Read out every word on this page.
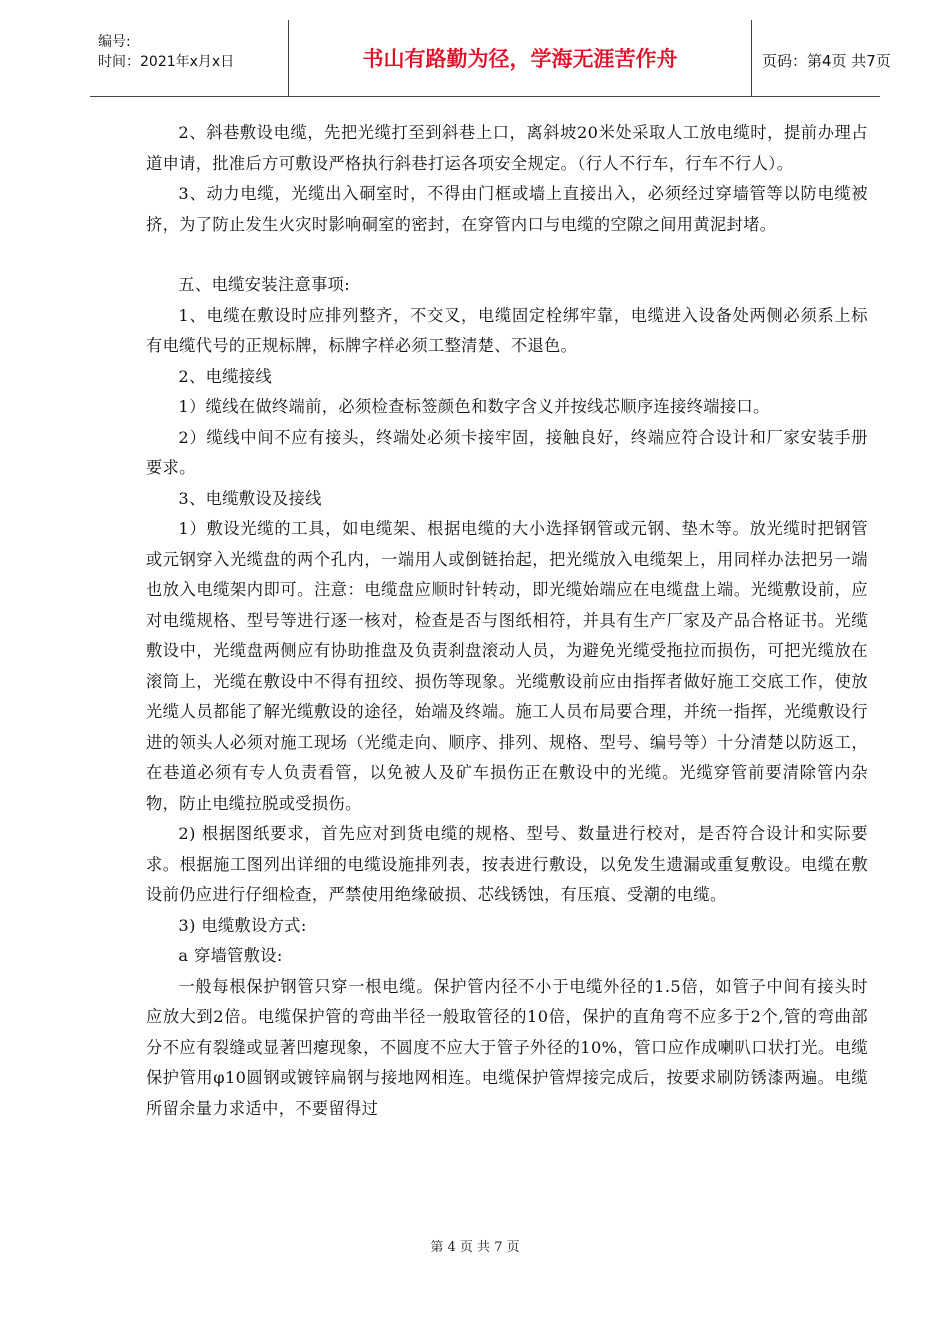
编号:
时间：2021年x月x日	书山有路勤为径，学海无涯苦作舟	页码：第4页 共7页

2、斜巷敷设电缆，先把光缆打至到斜巷上口，离斜坡20米处采取人工放电缆时，提前办理占道申请，批准后方可敷设严格执行斜巷打运各项安全规定。（行人不行车，行车不行人）。

3、动力电缆，光缆出入硐室时，不得由门框或墙上直接出入，必须经过穿墙管等以防电缆被挤，为了防止发生火灾时影响硐室的密封，在穿管内口与电缆的空隙之间用黄泥封堵。

五、电缆安装注意事项:

1、电缆在敷设时应排列整齐，不交叉，电缆固定栓绑牢靠，电缆进入设备处两侧必须系上标有电缆代号的正规标牌，标牌字样必须工整清楚、不退色。

2、电缆接线

1）缆线在做终端前，必须检查标签颜色和数字含义并按线芯顺序连接终端接口。

2）缆线中间不应有接头，终端处必须卡接牢固，接触良好，终端应符合设计和厂家安装手册要求。

3、电缆敷设及接线

1）敷设光缆的工具，如电缆架、根据电缆的大小选择钢管或元钢、垫木等。放光缆时把钢管或元钢穿入光缆盘的两个孔内，一端用人或倒链抬起，把光缆放入电缆架上，用同样办法把另一端也放入电缆架内即可。注意：电缆盘应顺时针转动，即光缆始端应在电缆盘上端。光缆敷设前，应对电缆规格、型号等进行逐一核对，检查是否与图纸相符，并具有生产厂家及产品合格证书。光缆敷设中，光缆盘两侧应有协助推盘及负责刹盘滚动人员，为避免光缆受拖拉而损伤，可把光缆放在滚筒上，光缆在敷设中不得有扭绞、损伤等现象。光缆敷设前应由指挥者做好施工交底工作，使放光缆人员都能了解光缆敷设的途径，始端及终端。施工人员布局要合理，并统一指挥，光缆敷设行进的领头人必须对施工现场（光缆走向、顺序、排列、规格、型号、编号等）十分清楚以防返工，在巷道必须有专人负责看管，以免被人及矿车损伤正在敷设中的光缆。光缆穿管前要清除管内杂物，防止电缆拉脱或受损伤。

2) 根据图纸要求，首先应对到货电缆的规格、型号、数量进行校对，是否符合设计和实际要求。根据施工图列出详细的电缆设施排列表，按表进行敷设，以免发生遗漏或重复敷设。电缆在敷设前仍应进行仔细检查，严禁使用绝缘破损、芯线锈蚀，有压痕、受潮的电缆。

3) 电缆敷设方式:

a 穿墙管敷设:

一般每根保护钢管只穿一根电缆。保护管内径不小于电缆外径的1.5倍，如管子中间有接头时应放大到2倍。电缆保护管的弯曲半径一般取管径的10倍，保护的直角弯不应多于2个,管的弯曲部分不应有裂缝或显著凹瘪现象，不圆度不应大于管子外径的10%，管口应作成喇叭口状打光。电缆保护管用φ10圆钢或镀锌扁钢与接地网相连。电缆保护管焊接完成后，按要求刷防锈漆两遍。电缆所留余量力求适中，不要留得过

第 4 页 共 7 页
